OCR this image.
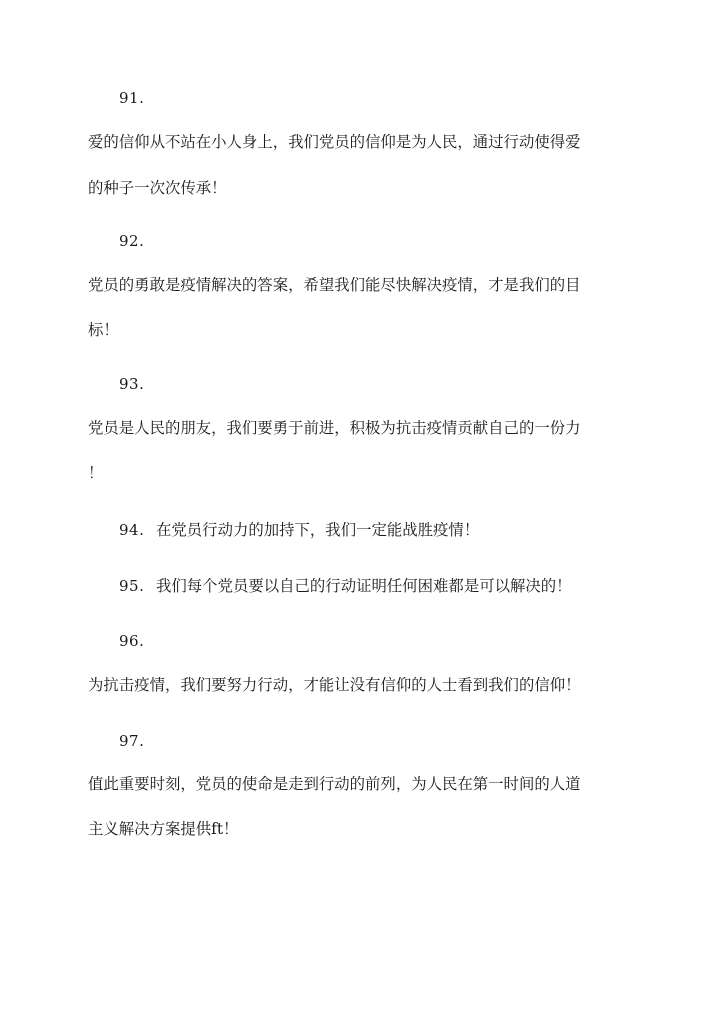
91.
爱的信仰从不站在小人身上，我们党员的信仰是为人民，通过行动使得爱
的种子一次次传承！
92.
党员的勇敢是疫情解决的答案，希望我们能尽快解决疫情，才是我们的目
标！
93.
党员是人民的朋友，我们要勇于前进，积极为抗击疫情贡献自己的一份力
！
94. 在党员行动力的加持下，我们一定能战胜疫情！
95. 我们每个党员要以自己的行动证明任何困难都是可以解决的！
96.
为抗击疫情，我们要努力行动，才能让没有信仰的人士看到我们的信仰！
97.
值此重要时刻，党员的使命是走到行动的前列，为人民在第一时间的人道
主义解决方案提供ft！
